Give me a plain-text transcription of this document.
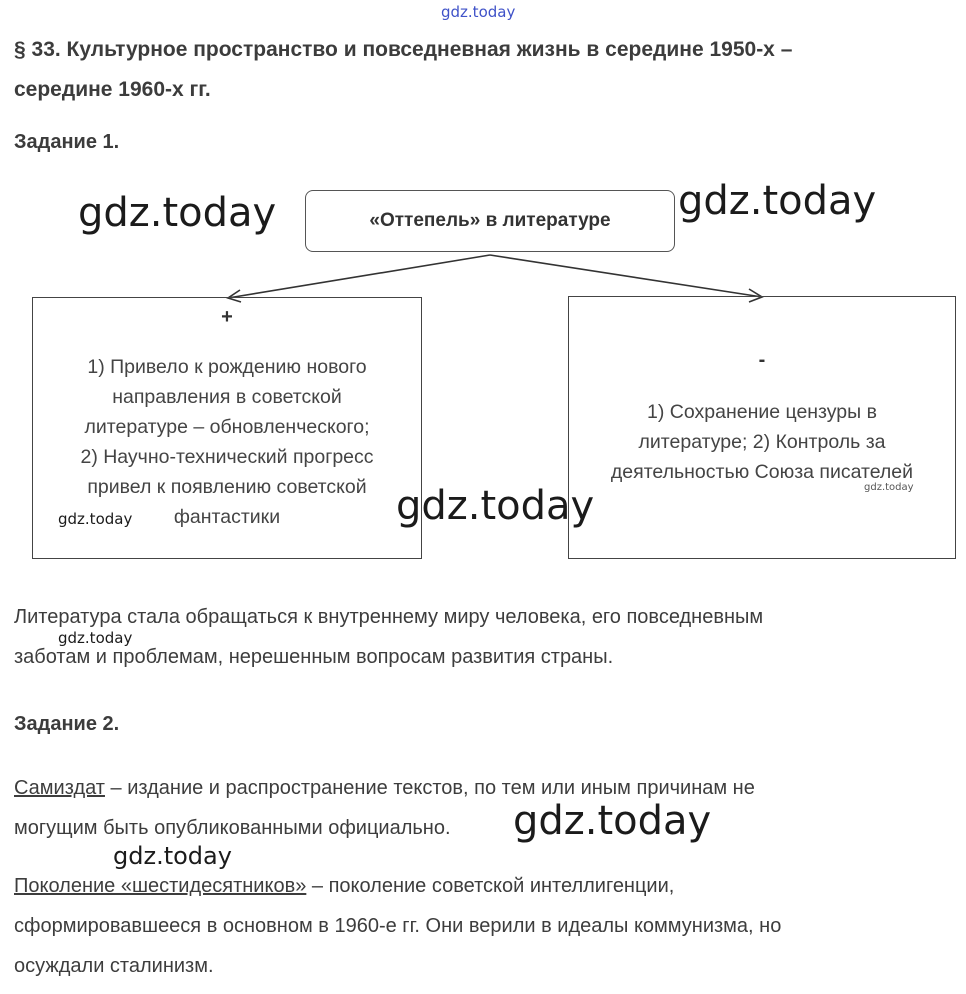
gdz.today
§ 33. Культурное пространство и повседневная жизнь в середине 1950-х –
середине 1960-х гг.
Задание 1.
«Оттепель» в литературе
+
1) Привело к рождению нового
направления в советской
литературе – обновленческого;
2) Научно-технический прогресс
привел к появлению советской
фантастики
-
1) Сохранение цензуры в
литературе; 2) Контроль за
деятельностью Союза писателей
Литература стала обращаться к внутреннему миру человека, его повседневным
заботам и проблемам, нерешенным вопросам развития страны.
Задание 2.
Самиздат – издание и распространение текстов, по тем или иным причинам не
могущим быть опубликованными официально.
Поколение «шестидесятников» – поколение советской интеллигенции,
сформировавшееся в основном в 1960-е гг. Они верили в идеалы коммунизма, но
осуждали сталинизм.
gdz.today	gdz.today
gdz.today
gdz.today
gdz.today
gdz.today
gdz.today
gdz.today
